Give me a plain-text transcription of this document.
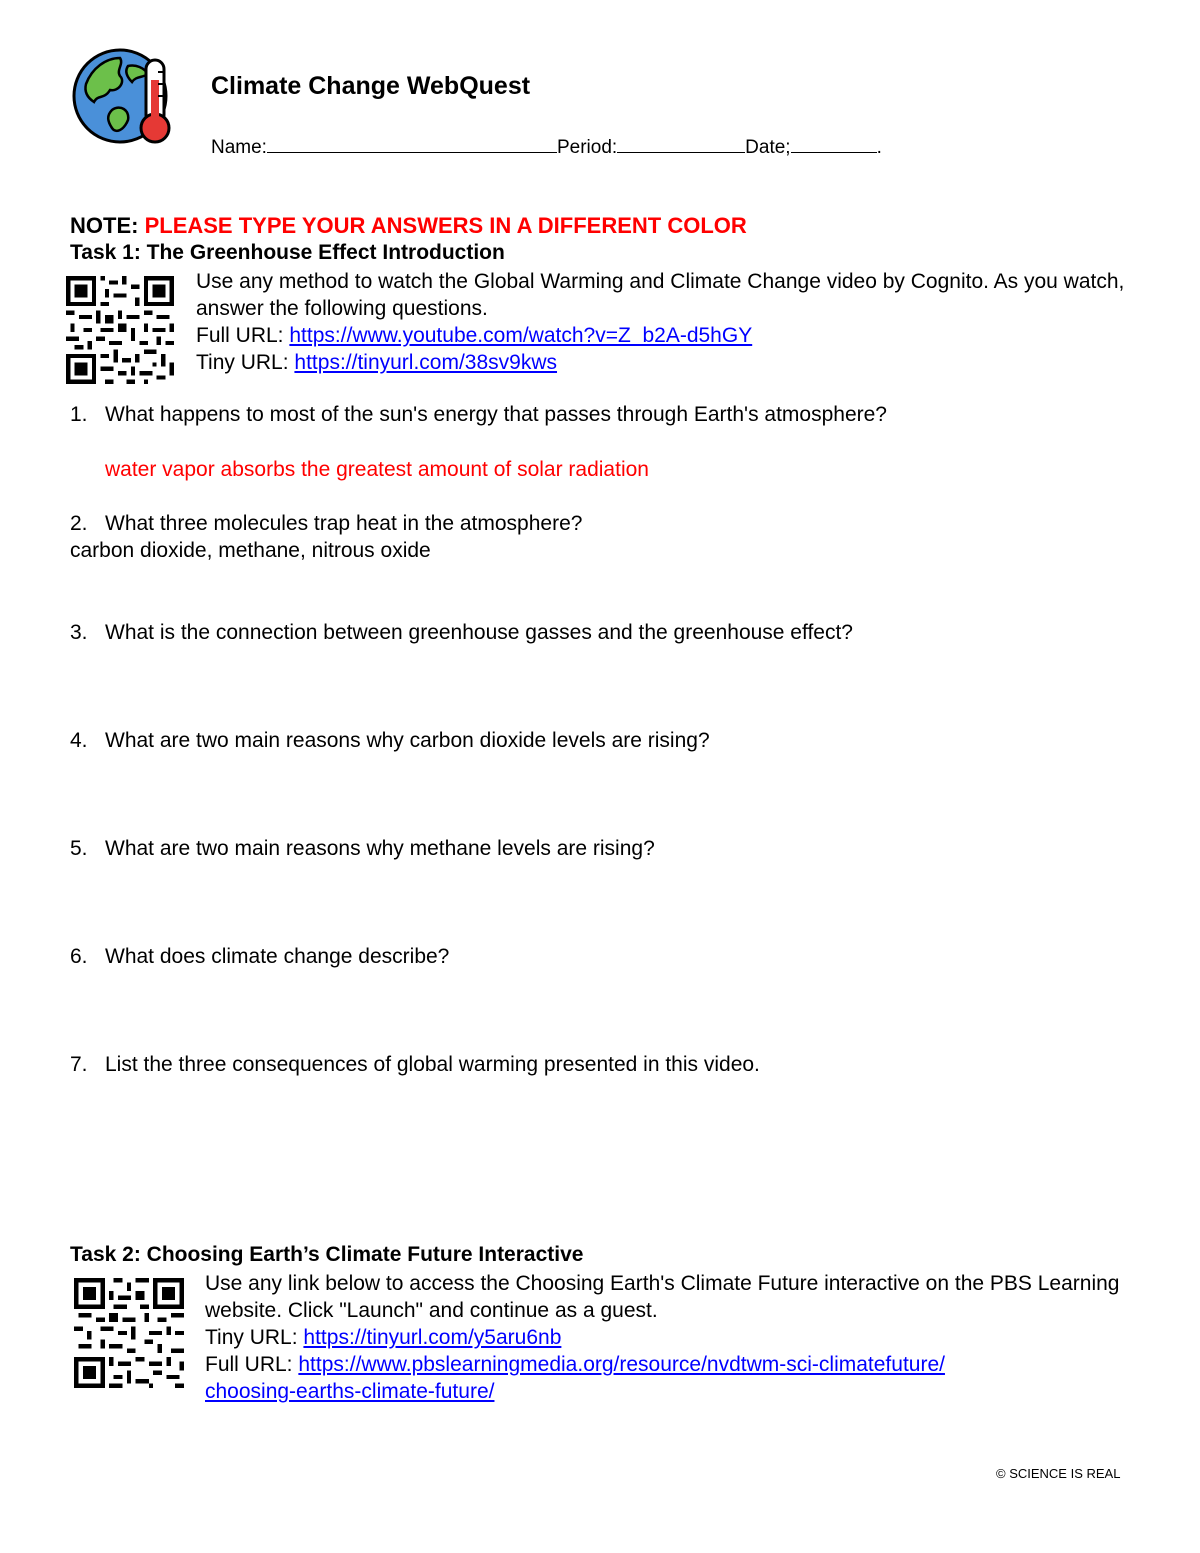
Climate Change WebQuest
Name:	Period:	Date;	.
NOTE: PLEASE TYPE YOUR ANSWERS IN A DIFFERENT COLOR
Task 1: The Greenhouse Effect Introduction
Use any method to watch the Global Warming and Climate Change video by Cognito. As you watch, answer the following questions.
Full URL: https://www.youtube.com/watch?v=Z_b2A-d5hGY
Tiny URL: https://tinyurl.com/38sv9kws
1. What happens to most of the sun's energy that passes through Earth's atmosphere?
water vapor absorbs the greatest amount of solar radiation
2. What three molecules trap heat in the atmosphere?
carbon dioxide, methane, nitrous oxide
3. What is the connection between greenhouse gasses and the greenhouse effect?
4. What are two main reasons why carbon dioxide levels are rising?
5. What are two main reasons why methane levels are rising?
6. What does climate change describe?
7. List the three consequences of global warming presented in this video.
Task 2: Choosing Earth’s Climate Future Interactive
Use any link below to access the Choosing Earth's Climate Future interactive on the PBS Learning website. Click "Launch" and continue as a guest.
Tiny URL: https://tinyurl.com/y5aru6nb
Full URL: https://www.pbslearningmedia.org/resource/nvdtwm-sci-climatefuture/
choosing-earths-climate-future/
© SCIENCE IS REAL
